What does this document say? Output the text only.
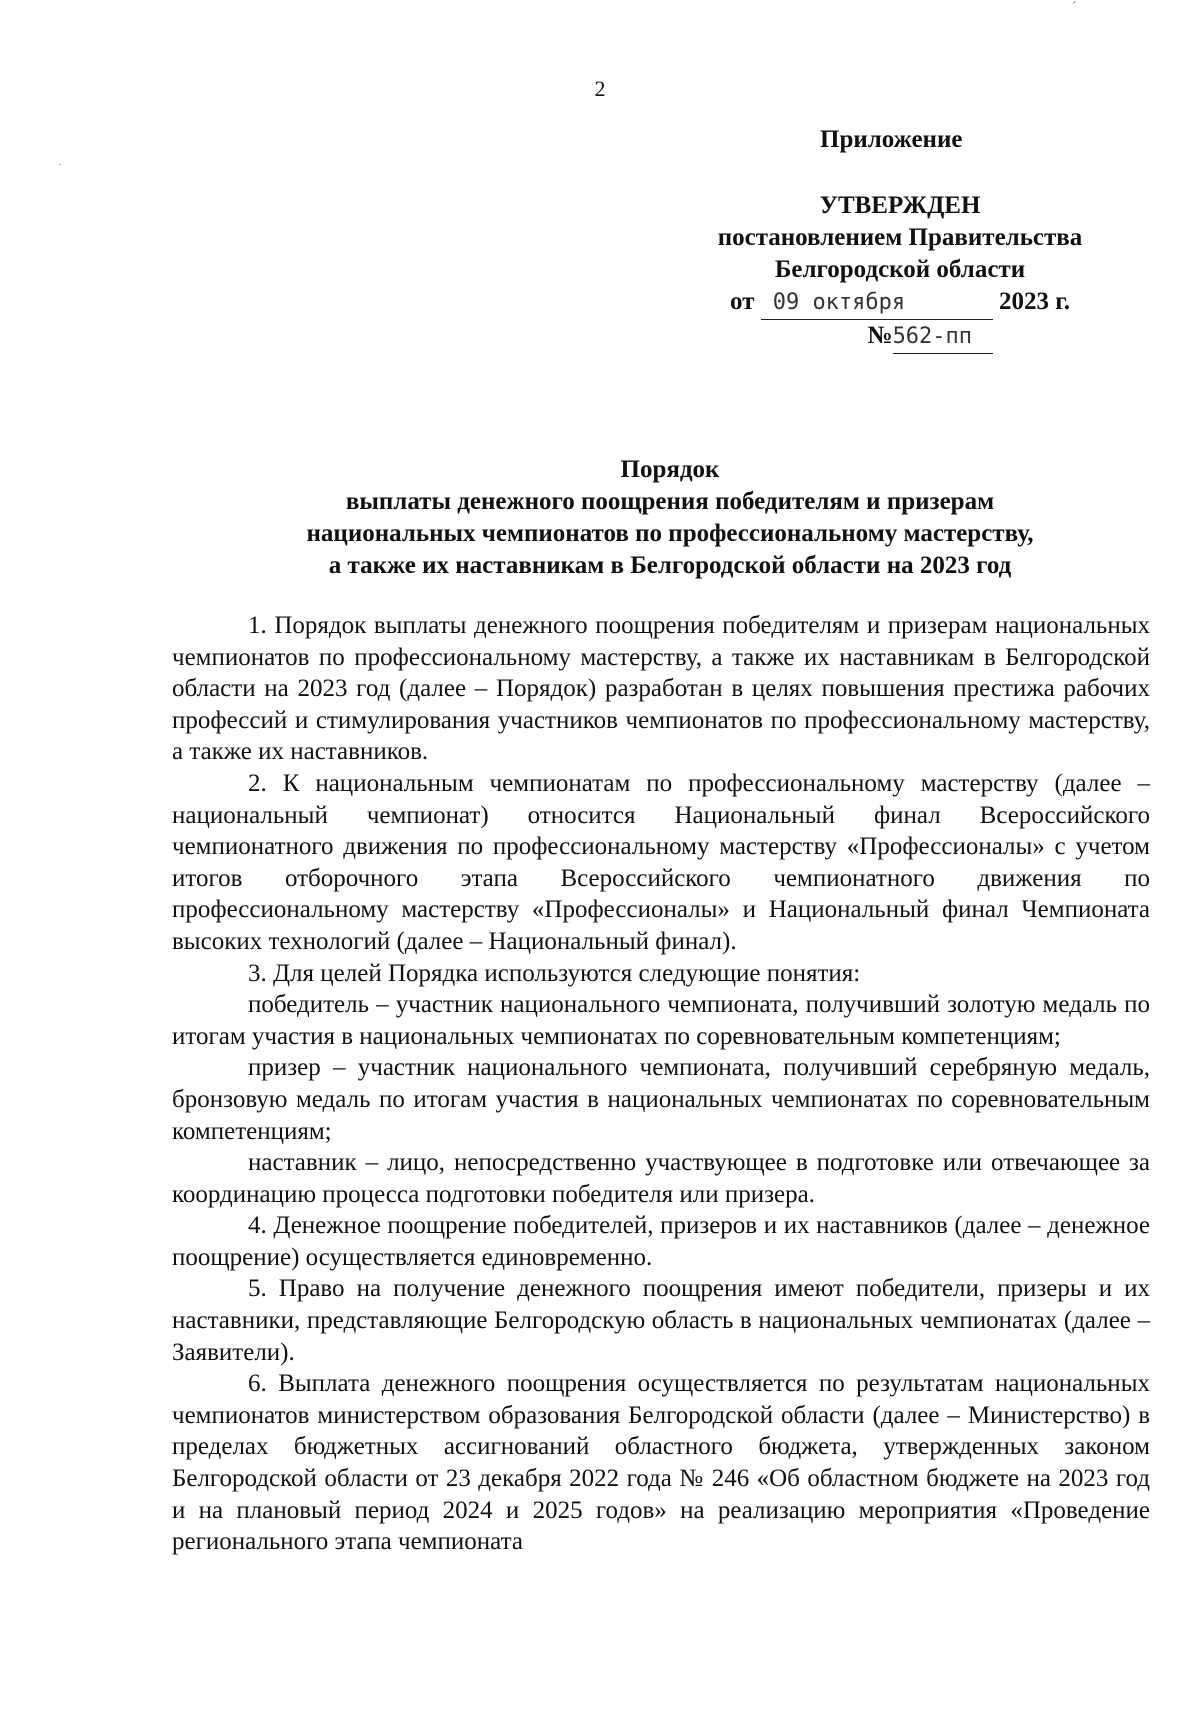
ˊ
·
2
Приложение
УТВЕРЖДЕН
постановлением Правительства
Белгородской области
от 09 октября	2023 г.
№562-пп
Порядок
выплаты денежного поощрения победителям и призерам
национальных чемпионатов по профессиональному мастерству,
а также их наставникам в Белгородской области на 2023 год

1. Порядок выплаты денежного поощрения победителям и призерам национальных чемпионатов по профессиональному мастерству, а также их наставникам в Белгородской области на 2023 год (далее – Порядок) разработан в целях повышения престижа рабочих профессий и стимулирования участников чемпионатов по профессиональному мастерству, а также их наставников.

2. К национальным чемпионатам по профессиональному мастерству (далее – национальный чемпионат) относится Национальный финал Всероссийского чемпионатного движения по профессиональному мастерству «Профессионалы» с учетом итогов отборочного этапа Всероссийского чемпионатного движения по профессиональному мастерству «Профессионалы» и Национальный финал Чемпионата высоких технологий (далее – Национальный финал).

3. Для целей Порядка используются следующие понятия:

победитель – участник национального чемпионата, получивший золотую медаль по итогам участия в национальных чемпионатах по соревновательным компетенциям;

призер – участник национального чемпионата, получивший серебряную медаль, бронзовую медаль по итогам участия в национальных чемпионатах по соревновательным компетенциям;

наставник – лицо, непосредственно участвующее в подготовке или отвечающее за координацию процесса подготовки победителя или призера.

4. Денежное поощрение победителей, призеров и их наставников (далее – денежное поощрение) осуществляется единовременно.

5. Право на получение денежного поощрения имеют победители, призеры и их наставники, представляющие Белгородскую область в национальных чемпионатах (далее – Заявители).

6. Выплата денежного поощрения осуществляется по результатам национальных чемпионатов министерством образования Белгородской области (далее – Министерство) в пределах бюджетных ассигнований областного бюджета, утвержденных законом Белгородской области от 23 декабря 2022 года № 246 «Об областном бюджете на 2023 год и на плановый период 2024 и 2025 годов» на реализацию мероприятия «Проведение регионального этапа чемпионата
